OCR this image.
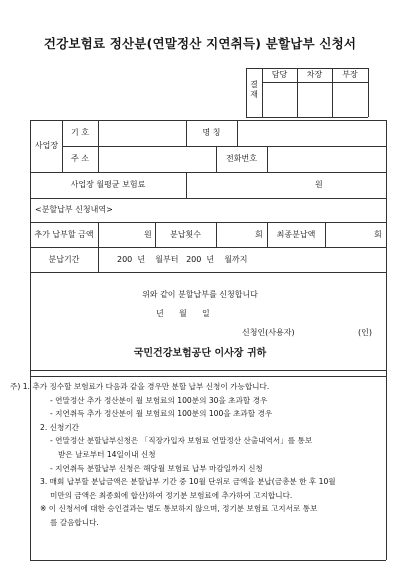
건강보험료 정산분(연말정산 지연취득) 분할납부 신청서
결재
담당	차장	부장
사업장
기 호	명 칭
주 소	전화번호
사업장 월평균 보험료	원
<분할납부 신청내역>
추가 납부할 금액	원	분납횟수	회	최종분납액	회
분납기간	200  년    월부터   200  년    월까지
위와 같이 분할납부를 신청합니다
년      월      일
신청인(사용자)	(인)
국민건강보험공단 이사장 귀하
주) 1. 추가 징수할 보험료가 다음과 같을 경우만 분할 납부 신청이 가능합니다.
- 연말정산 추가 정산분이 월 보험료의 100분의 30을 초과할 경우
- 지연취득 추가 정산분이 월 보험료의 100분의 100을 초과할 경우
2. 신청기간
- 연말정산 분할납부신청은 「직장가입자 보험료 연말정산 산출내역서」를 통보
받은 날로부터 14일이내 신청
- 지연취득 분할납부 신청은 해당월 보험료 납부 마감일까지 신청
3. 매회 납부할 분납금액은 분할납부 기간 중 10월 단위로 금액을 분납(금총분 한 후 10월
미만의 금액은 최종회에 합산)하여 정기분 보험료에 추가하여 고지합니다.
※ 이 신청서에 대한 승인결과는 별도 통보하지 않으며, 정기분 보험료 고지서로 통보
를 갈음합니다.
